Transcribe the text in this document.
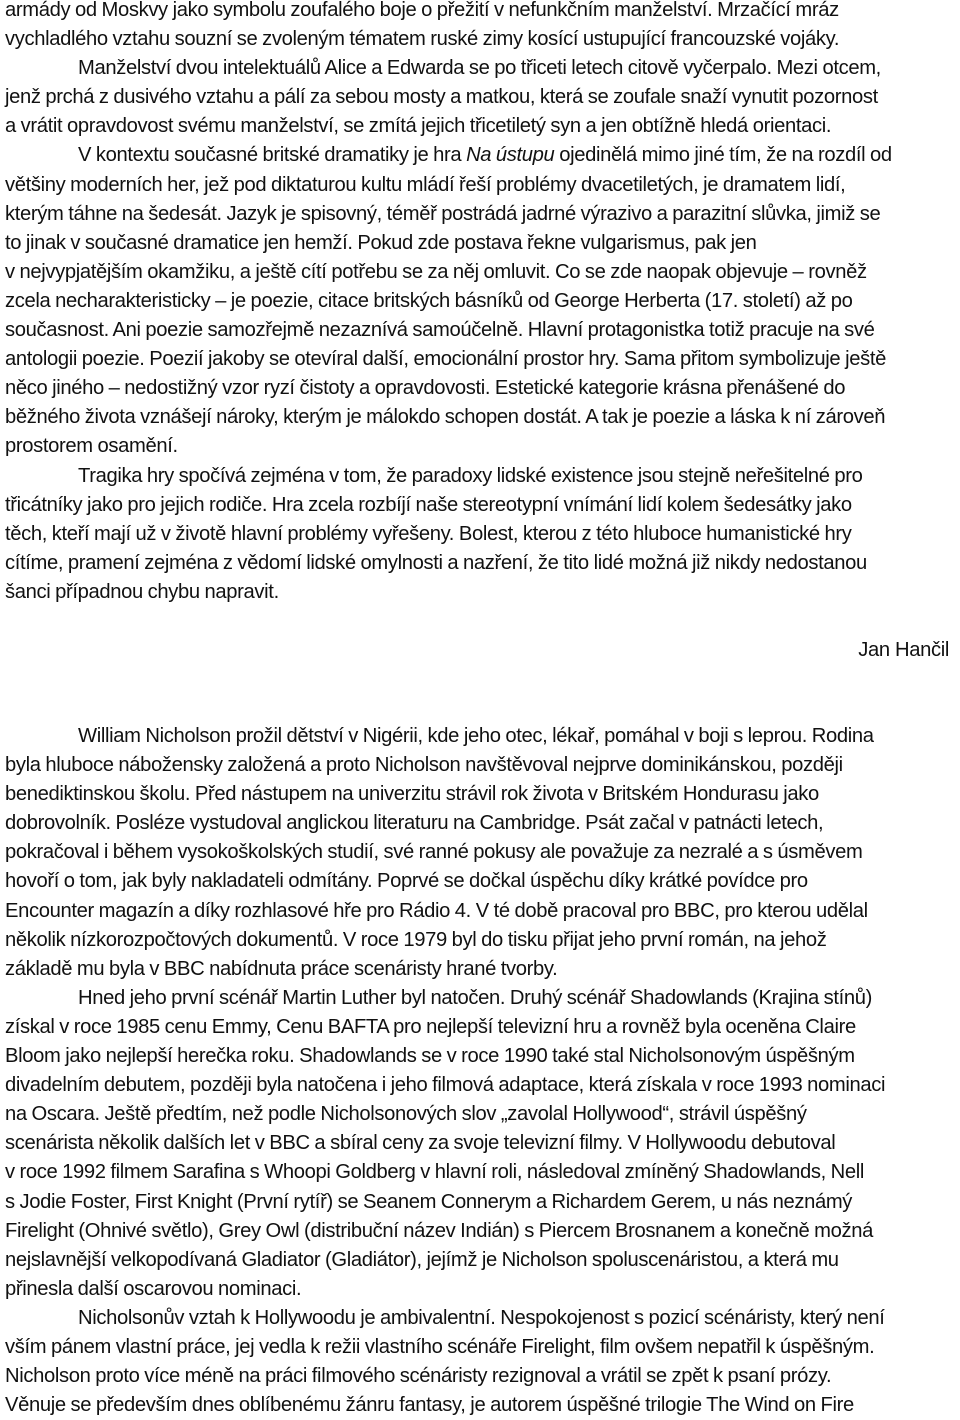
armády od Moskvy jako symbolu zoufalého boje o přežití v nefunkčním manželství. Mrzačící mráz
vychladlého vztahu souzní se zvoleným tématem ruské zimy kosící ustupující francouzské vojáky.
Manželství dvou intelektuálů Alice a Edwarda se po třiceti letech citově vyčerpalo. Mezi otcem,
jenž prchá z dusivého vztahu a pálí za sebou mosty a matkou, která se zoufale snaží vynutit pozornost
a vrátit opravdovost svému manželství, se zmítá jejich třicetiletý syn a jen obtížně hledá orientaci.
V kontextu současné britské dramatiky je hra Na ústupu ojedinělá mimo jiné tím, že na rozdíl od
většiny moderních her, jež pod diktaturou kultu mládí řeší problémy dvacetiletých, je dramatem lidí,
kterým táhne na šedesát. Jazyk je spisovný, téměř postrádá jadrné výrazivo a parazitní slůvka, jimiž se
to jinak v současné dramatice jen hemží. Pokud zde postava řekne vulgarismus, pak jen
v nejvypjatějším okamžiku, a ještě cítí potřebu se za něj omluvit. Co se zde naopak objevuje – rovněž
zcela necharakteristicky – je poezie, citace britských básníků od George Herberta (17. století) až po
současnost. Ani poezie samozřejmě nezaznívá samoúčelně. Hlavní protagonistka totiž pracuje na své
antologii poezie. Poezií jakoby se otevíral další, emocionální prostor hry. Sama přitom symbolizuje ještě
něco jiného – nedostižný vzor ryzí čistoty a opravdovosti. Estetické kategorie krásna přenášené do
běžného života vznášejí nároky, kterým je málokdo schopen dostát. A tak je poezie a láska k ní zároveň
prostorem osamění.
Tragika hry spočívá zejména v tom, že paradoxy lidské existence jsou stejně neřešitelné pro
třicátníky jako pro jejich rodiče. Hra zcela rozbíjí naše stereotypní vnímání lidí kolem šedesátky jako
těch, kteří mají už v životě hlavní problémy vyřešeny. Bolest, kterou z této hluboce humanistické hry
cítíme, pramení zejména z vědomí lidské omylnosti a nazření, že tito lidé možná již nikdy nedostanou
šanci případnou chybu napravit.
Jan Hančil
William Nicholson prožil dětství v Nigérii, kde jeho otec, lékař, pomáhal v boji s leprou. Rodina
byla hluboce nábožensky založená a proto Nicholson navštěvoval nejprve dominikánskou, později
benediktinskou školu. Před nástupem na univerzitu strávil rok života v Britském Hondurasu jako
dobrovolník. Posléze vystudoval anglickou literaturu na Cambridge. Psát začal v patnácti letech,
pokračoval i během vysokoškolských studií, své ranné pokusy ale považuje za nezralé a s úsměvem
hovoří o tom, jak byly nakladateli odmítány. Poprvé se dočkal úspěchu díky krátké povídce pro
Encounter magazín a díky rozhlasové hře pro Rádio 4. V té době pracoval pro BBC, pro kterou udělal
několik nízkorozpočtových dokumentů. V roce 1979 byl do tisku přijat jeho první román, na jehož
základě mu byla v BBC nabídnuta práce scenáristy hrané tvorby.
Hned jeho první scénář Martin Luther byl natočen. Druhý scénář Shadowlands (Krajina stínů)
získal v roce 1985 cenu Emmy, Cenu BAFTA pro nejlepší televizní hru a rovněž byla oceněna Claire
Bloom jako nejlepší herečka roku. Shadowlands se v roce 1990 také stal Nicholsonovým úspěšným
divadelním debutem, později byla natočena i jeho filmová adaptace, která získala v roce 1993 nominaci
na Oscara. Ještě předtím, než podle Nicholsonových slov „zavolal Hollywood“, strávil úspěšný
scenárista několik dalších let v BBC a sbíral ceny za svoje televizní filmy. V Hollywoodu debutoval
v roce 1992 filmem Sarafina s Whoopi Goldberg v hlavní roli, následoval zmíněný Shadowlands, Nell
s Jodie Foster, First Knight (První rytíř) se Seanem Connerym a Richardem Gerem, u nás neznámý
Firelight (Ohnivé světlo), Grey Owl (distribuční název Indián) s Piercem Brosnanem a konečně možná
nejslavnější velkopodívaná Gladiator (Gladiátor), jejímž je Nicholson spoluscenáristou, a která mu
přinesla další oscarovou nominaci.
Nicholsonův vztah k Hollywoodu je ambivalentní. Nespokojenost s pozicí scénáristy, který není
vším pánem vlastní práce, jej vedla k režii vlastního scénáře Firelight, film ovšem nepatřil k úspěšným.
Nicholson proto více méně na práci filmového scénáristy rezignoval a vrátil se zpět k psaní prózy.
Věnuje se především dnes oblíbenému žánru fantasy, je autorem úspěšné trilogie The Wind on Fire
